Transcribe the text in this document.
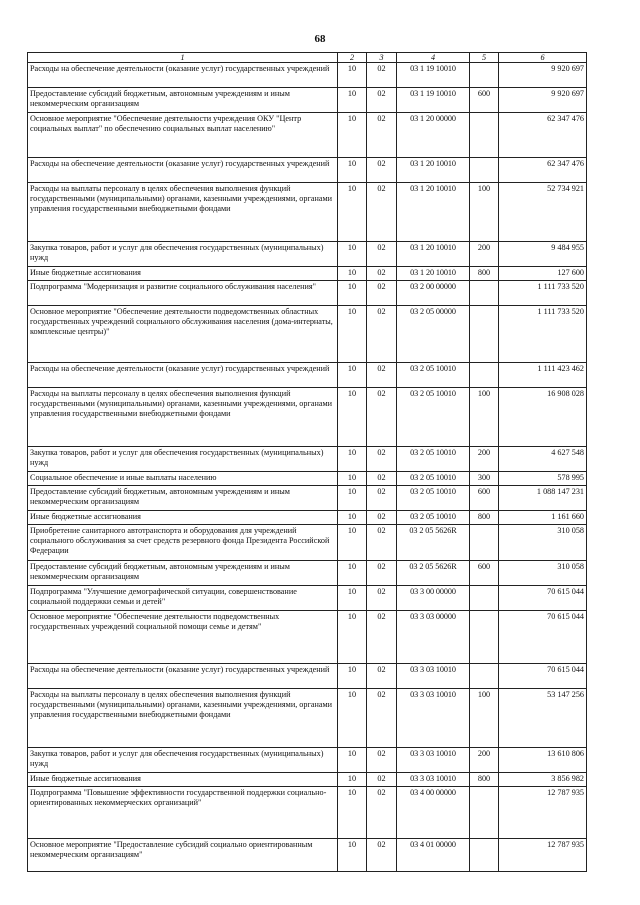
68
1	2	3	4	5	6
Расходы на обеспечение деятельности (оказание услуг) государственных учреждений	10	02	03 1 19 10010		9 920 697
Предоставление субсидий бюджетным, автономным учреждениям и иным некоммерческим организациям	10	02	03 1 19 10010	600	9 920 697
Основное мероприятие "Обеспечение деятельности учреждения ОКУ "Центр социальных выплат" по обеспечению социальных выплат населению"	10	02	03 1 20 00000		62 347 476
Расходы на обеспечение деятельности (оказание услуг) государственных учреждений	10	02	03 1 20 10010		62 347 476
Расходы на выплаты персоналу в целях обеспечения выполнения функций государственными (муниципальными) органами, казенными учреждениями, органами управления государственными внебюджетными фондами	10	02	03 1 20 10010	100	52 734 921
Закупка товаров, работ и услуг для обеспечения государственных (муниципальных) нужд	10	02	03 1 20 10010	200	9 484 955
Иные бюджетные ассигнования	10	02	03 1 20 10010	800	127 600
Подпрограмма "Модернизация и развитие социального обслуживания населения"	10	02	03 2 00 00000		1 111 733 520
Основное мероприятие "Обеспечение деятельности подведомственных областных государственных учреждений социального обслуживания населения (дома-интернаты, комплексные центры)"	10	02	03 2 05 00000		1 111 733 520
Расходы на обеспечение деятельности (оказание услуг) государственных учреждений	10	02	03 2 05 10010		1 111 423 462
Расходы на выплаты персоналу в целях обеспечения выполнения функций государственными (муниципальными) органами, казенными учреждениями, органами управления государственными внебюджетными фондами	10	02	03 2 05 10010	100	16 908 028
Закупка товаров, работ и услуг для обеспечения государственных (муниципальных) нужд	10	02	03 2 05 10010	200	4 627 548
Социальное обеспечение и иные выплаты населению	10	02	03 2 05 10010	300	578 995
Предоставление субсидий бюджетным, автономным учреждениям и иным некоммерческим организациям	10	02	03 2 05 10010	600	1 088 147 231
Иные бюджетные ассигнования	10	02	03 2 05 10010	800	1 161 660
Приобретение санитарного автотранспорта и оборудования для учреждений социального обслуживания за счет средств резервного фонда Президента Российской Федерации	10	02	03 2 05 5626R		310 058
Предоставление субсидий бюджетным, автономным учреждениям и иным некоммерческим организациям	10	02	03 2 05 5626R	600	310 058
Подпрограмма "Улучшение демографической ситуации, совершенствование социальной поддержки семьи и детей"	10	02	03 3 00 00000		70 615 044
Основное мероприятие "Обеспечение деятельности подведомственных государственных учреждений социальной помощи семье и детям"	10	02	03 3 03 00000		70 615 044
Расходы на обеспечение деятельности (оказание услуг) государственных учреждений	10	02	03 3 03 10010		70 615 044
Расходы на выплаты персоналу в целях обеспечения выполнения функций государственными (муниципальными) органами, казенными учреждениями, органами управления государственными внебюджетными фондами	10	02	03 3 03 10010	100	53 147 256
Закупка товаров, работ и услуг для обеспечения государственных (муниципальных) нужд	10	02	03 3 03 10010	200	13 610 806
Иные бюджетные ассигнования	10	02	03 3 03 10010	800	3 856 982
Подпрограмма "Повышение эффективности государственной поддержки социально-ориентированных некоммерческих организаций"	10	02	03 4 00 00000		12 787 935
Основное мероприятие "Предоставление субсидий социально ориентированным некоммерческим организациям"	10	02	03 4 01 00000		12 787 935
